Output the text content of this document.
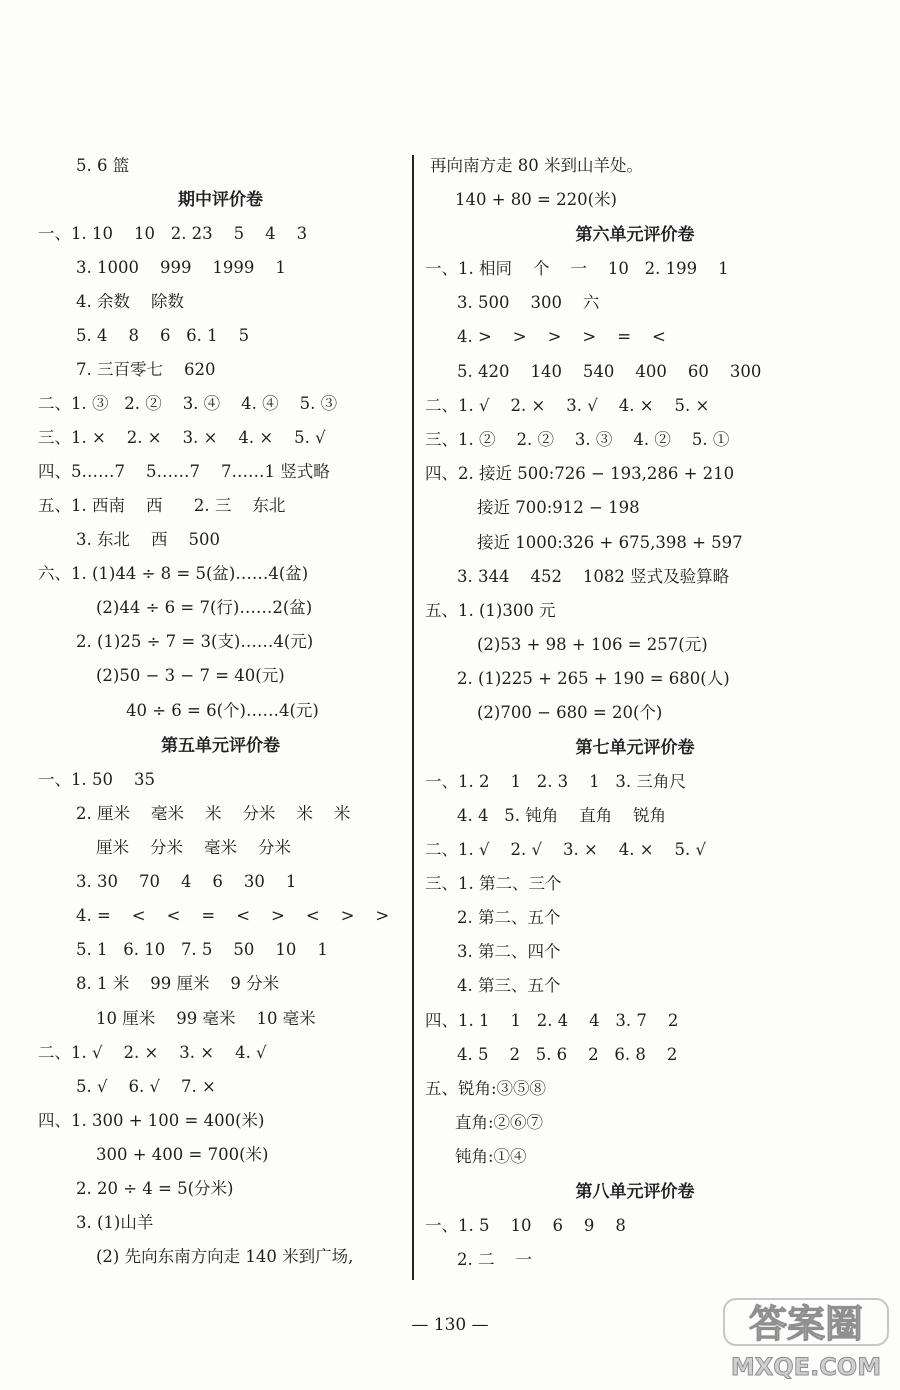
5. 6 篮
期中评价卷
一、1. 10    10   2. 23    5    4    3
3. 1000    999    1999    1
4. 余数    除数
5. 4    8    6   6. 1    5
7. 三百零七    620
二、1. ③   2. ②    3. ④    4. ④    5. ③
三、1. ×    2. ×    3. ×    4. ×    5. √
四、5……7    5……7    7……1 竖式略
五、1. 西南    西      2. 三    东北
3. 东北    西    500
六、1. (1)44 ÷ 8 = 5(盆)……4(盆)
(2)44 ÷ 6 = 7(行)……2(盆)
2. (1)25 ÷ 7 = 3(支)……4(元)
(2)50 − 3 − 7 = 40(元)
40 ÷ 6 = 6(个)……4(元)
第五单元评价卷
一、1. 50    35
2. 厘米    毫米    米    分米    米    米
厘米    分米    毫米    分米
3. 30    70    4    6    30    1
4. =    <    <    =    <    >    <    >    >
5. 1   6. 10   7. 5    50    10    1
8. 1 米    99 厘米    9 分米
10 厘米    99 毫米    10 毫米
二、1. √    2. ×    3. ×    4. √
5. √    6. √    7. ×
四、1. 300 + 100 = 400(米)
300 + 400 = 700(米)
2. 20 ÷ 4 = 5(分米)
3. (1)山羊
(2) 先向东南方向走 140 米到广场,
再向南方走 80 米到山羊处。
140 + 80 = 220(米)
第六单元评价卷
一、1. 相同    个    一    10   2. 199    1
3. 500    300    六
4. >    >    >    >    =    <
5. 420    140    540    400    60    300
二、1. √    2. ×    3. √    4. ×    5. ×
三、1. ②    2. ②    3. ③    4. ②    5. ①
四、2. 接近 500:726 − 193,286 + 210
接近 700:912 − 198
接近 1000:326 + 675,398 + 597
3. 344    452    1082 竖式及验算略
五、1. (1)300 元
(2)53 + 98 + 106 = 257(元)
2. (1)225 + 265 + 190 = 680(人)
(2)700 − 680 = 20(个)
第七单元评价卷
一、1. 2    1   2. 3    1   3. 三角尺
4. 4   5. 钝角    直角    锐角
二、1. √    2. √    3. ×    4. ×    5. √
三、1. 第二、三个
2. 第二、五个
3. 第二、四个
4. 第三、五个
四、1. 1    1   2. 4    4   3. 7    2
4. 5    2   5. 6    2   6. 8    2
五、锐角:③⑤⑧
直角:②⑥⑦
钝角:①④
第八单元评价卷
一、1. 5    10    6    9    8
2. 二    一
— 130 —	答案圈
MXQE.COM
